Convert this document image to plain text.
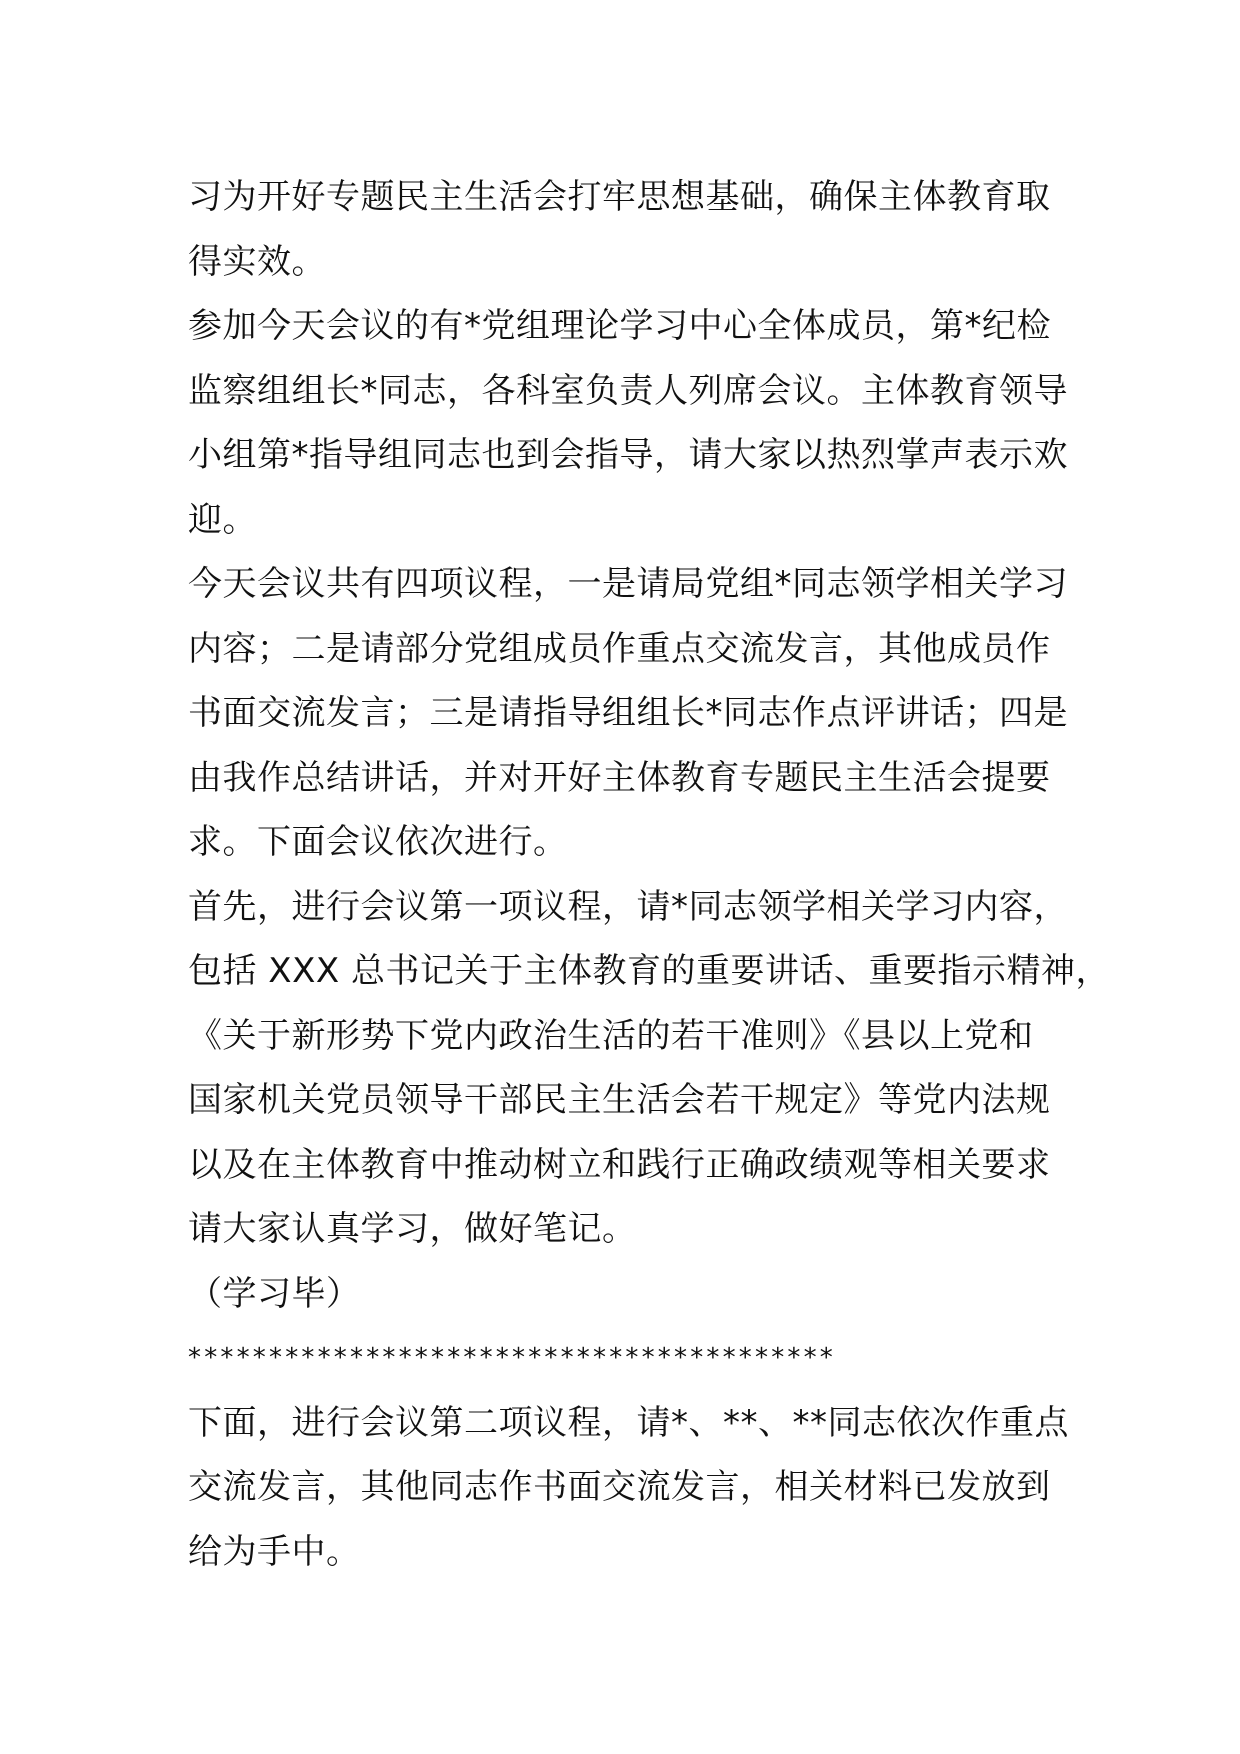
习为开好专题民主生活会打牢思想基础，确保主体教育取
得实效。
参加今天会议的有*党组理论学习中心全体成员，第*纪检
监察组组长*同志，各科室负责人列席会议。主体教育领导
小组第*指导组同志也到会指导，请大家以热烈掌声表示欢
迎。
今天会议共有四项议程，一是请局党组*同志领学相关学习
内容；二是请部分党组成员作重点交流发言，其他成员作
书面交流发言；三是请指导组组长*同志作点评讲话；四是
由我作总结讲话，并对开好主体教育专题民主生活会提要
求。下面会议依次进行。
首先，进行会议第一项议程，请*同志领学相关学习内容，
包括 XXX 总书记关于主体教育的重要讲话、重要指示精神，
《关于新形势下党内政治生活的若干准则》《县以上党和
国家机关党员领导干部民主生活会若干规定》等党内法规
以及在主体教育中推动树立和践行正确政绩观等相关要求
请大家认真学习，做好笔记。
（学习毕）
****************************************
下面，进行会议第二项议程，请*、**、**同志依次作重点
交流发言，其他同志作书面交流发言，相关材料已发放到
给为手中。
